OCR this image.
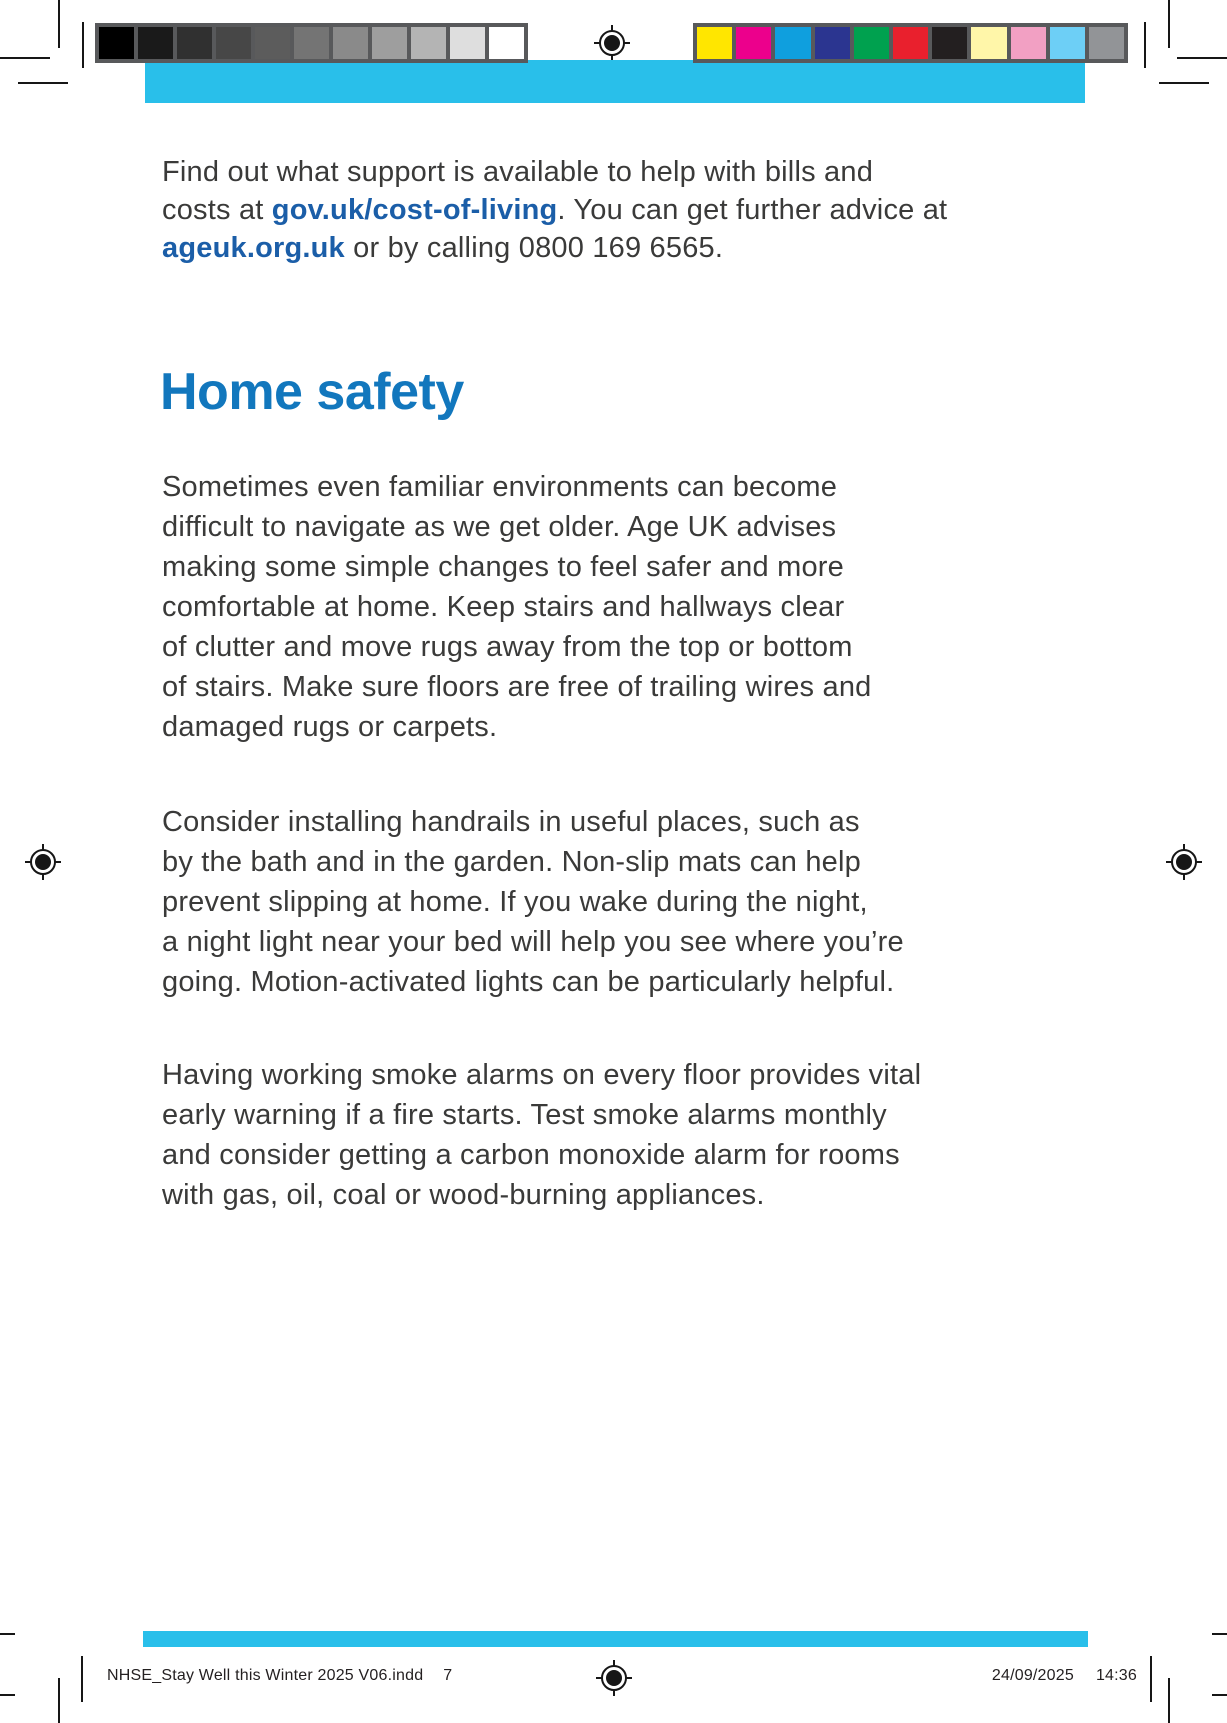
Find out what support is available to help with bills and
costs at gov.uk/cost-of-living. You can get further advice at
ageuk.org.uk or by calling 0800 169 6565.
Home safety
Sometimes even familiar environments can become
difficult to navigate as we get older. Age UK advises
making some simple changes to feel safer and more
comfortable at home. Keep stairs and hallways clear
of clutter and move rugs away from the top or bottom
of stairs. Make sure floors are free of trailing wires and
damaged rugs or carpets.
Consider installing handrails in useful places, such as
by the bath and in the garden. Non-slip mats can help
prevent slipping at home. If you wake during the night,
a night light near your bed will help you see where you’re
going. Motion-activated lights can be particularly helpful.
Having working smoke alarms on every floor provides vital
early warning if a fire starts. Test smoke alarms monthly
and consider getting a carbon monoxide alarm for rooms
with gas, oil, coal or wood-burning appliances.
NHSE_Stay Well this Winter 2025 V06.indd 7	24/09/2025 14:36
